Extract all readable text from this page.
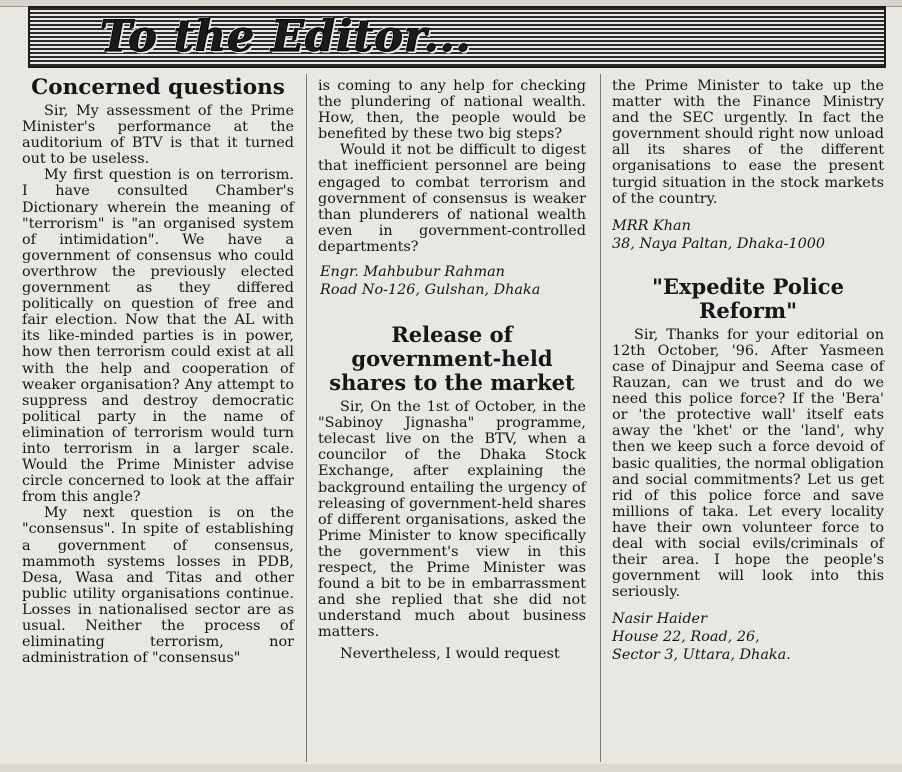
To the Editor...
Concerned questions

Sir, My assessment of the Prime Minister's performance at the auditorium of BTV is that it turned out to be useless.

My first question is on terrorism. I have consulted Chamber's Dictionary wherein the meaning of "terrorism" is "an organised system of intimidation". We have a government of consensus who could overthrow the previously elected government as they differed politically on question of free and fair election. Now that the AL with its like-minded parties is in power, how then terrorism could exist at all with the help and cooperation of weaker organisation? Any attempt to suppress and destroy democratic political party in the name of elimination of terrorism would turn into terrorism in a larger scale. Would the Prime Minister advise circle concerned to look at the affair from this angle?

My next question is on the "consensus". In spite of establishing a government of consensus, mammoth systems losses in PDB, Desa, Wasa and Titas and other public utility organisations continue. Losses in nationalised sector are as usual. Neither the process of eliminating terrorism, nor administration of "consensus"

is coming to any help for checking the plundering of national wealth. How, then, the people would be benefited by these two big steps?

Would it not be difficult to digest that inefficient personnel are being engaged to combat terrorism and government of consensus is weaker than plunderers of national wealth even in government-controlled departments?

Engr. Mahbubur Rahman

Road No-126, Gulshan, Dhaka

Release of
government-held
shares to the market

Sir, On the 1st of October, in the "Sabinoy Jignasha" programme, telecast live on the BTV, when a councilor of the Dhaka Stock Exchange, after explaining the background entailing the urgency of releasing of government-held shares of different organisations, asked the Prime Minister to know specifically the government's view in this respect, the Prime Minister was found a bit to be in embarrassment and she replied that she did not understand much about business matters.

Nevertheless, I would request

the Prime Minister to take up the matter with the Finance Ministry and the SEC urgently. In fact the government should right now unload all its shares of the different organisations to ease the present turgid situation in the stock markets of the country.

MRR Khan

38, Naya Paltan, Dhaka-1000

"Expedite Police
Reform"

Sir, Thanks for your editorial on 12th October, '96. After Yasmeen case of Dinajpur and Seema case of Rauzan, can we trust and do we need this police force? If the 'Bera' or 'the protective wall' itself eats away the 'khet' or the 'land', why then we keep such a force devoid of basic qualities, the normal obligation and social commitments? Let us get rid of this police force and save millions of taka. Let every locality have their own volunteer force to deal with social evils/criminals of their area. I hope the people's government will look into this seriously.

Nasir Haider

House 22, Road, 26,

Sector 3, Uttara, Dhaka.
